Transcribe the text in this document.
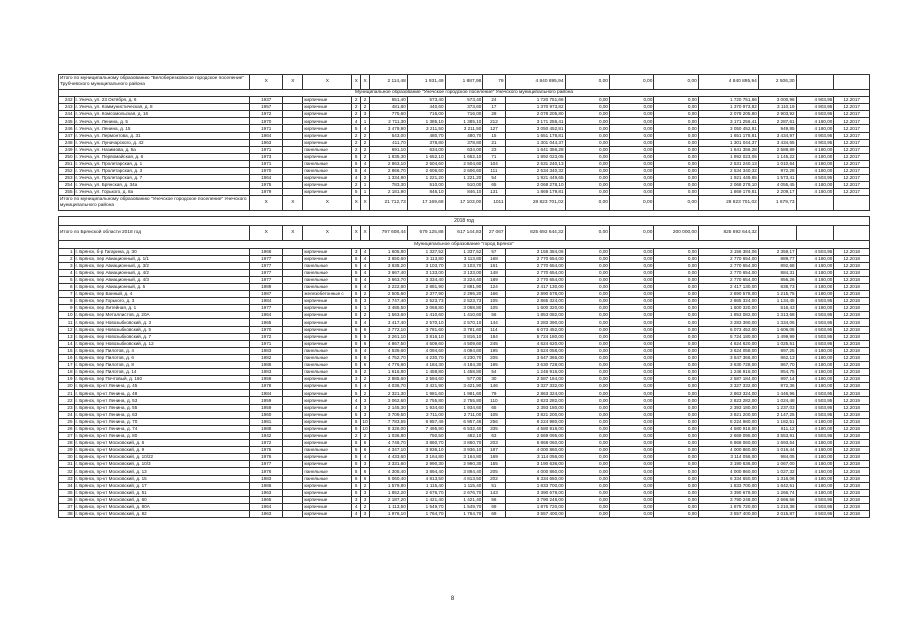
Итого по муниципальному образованию "Белоберезковское городское поселение" Трубчевского муниципального района		X	X	X	X	X	2 114,48	1 931,49	1 887,98	79	4 840 895,94	0,00	0,00	0,00	4 840 895,94	2 506,30		
Муниципальное образование "Унечское городское поселение" Унечского муниципального района																		
242	г. Унеча, ул. 23 Октября, д. 6	1937		кирпичные	2	2	651,40	573,40	573,40	24	1 720 751,66	0,00	0,00	0,00	1 720 751,66	3 000,96	4 903,95	12.2017
243	г. Унеча, ул. Коммунистическая, д. 8	1957		кирпичные	2	2	481,80	440,60	373,60	17	1 370 973,82	0,00	0,00	0,00	1 370 973,82	3 110,19	4 903,95	12.2017
244	г. Унеча, ул. Комсомольская, д. 16	1972		кирпичные	2	3	775,60	716,00	716,00	28	2 078 205,80	0,00	0,00	0,00	2 078 205,80	2 903,92	4 503,95	12.2017
245	г. Унеча, ул. Ленина, д. 5	1970		кирпичные	4	1	2 711,30	1 385,10	1 385,10	212	3 171 256,41	0,00	0,00	0,00	3 171 256,41	2 287,61	4 180,00	12.2017
246	г. Унеча, ул. Ленина, д. 15	1971		кирпичные	5	4	3 479,90	3 211,50	3 211,50	127	3 050 452,81	0,00	0,00	0,00	3 050 452,81	949,85	4 180,00	12.2017
247	г. Унеча, ул. Лермонтова, д. 31	1964		кирпичные	2	2	543,00	480,70	480,70	15	1 651 178,81	0,00	0,00	0,00	1 651 178,81	3 434,97	4 903,95	12.2017
248	г. Унеча, ул. Луначарского, д. 42	1963		кирпичные	2	2	411,70	378,80	378,80	21	1 301 044,37	0,00	0,00	0,00	1 301 044,37	3 434,65	4 903,95	12.2017
249	г. Унеча, ул. Назимова, д. 5а	1971		панельные	2	2	691,10	634,00	634,00	23	1 641 356,28	0,00	0,00	0,00	1 641 356,28	2 588,89	4 180,00	12.2017
250	г. Унеча, ул. Первомайская, д. 6	1973		кирпичные	5	2	1 835,30	1 652,10	1 652,10	71	1 892 023,05	0,00	0,00	0,00	1 892 023,05	1 145,22	4 180,00	12.2017
251	г. Унеча, ул. Пролетарская, д. 1	1971		панельные	5	4	2 863,10	2 504,60	2 504,60	104	2 531 240,13	0,00	0,00	0,00	2 531 240,13	1 010,64	4 180,00	12.2017
252	г. Унеча, ул. Пролетарская, д. 3	1970		панельные	5	4	2 866,70	2 606,60	2 606,60	111	2 534 340,32	0,00	0,00	0,00	2 534 340,32	972,28	4 180,00	12.2017
253	г. Унеча, ул. Пролетарская, д. 7	1964		кирпичные	4	2	1 334,90	1 221,20	1 221,20	54	1 921 449,65	0,00	0,00	0,00	1 921 449,65	1 573,41	4 503,95	12.2017
254	г. Унеча, ул. Брянская, д. 34а	1975		кирпичные	2	1	783,30	510,00	510,00	65	2 068 278,10	0,00	0,00	0,00	2 068 278,10	4 055,45	4 180,00	12.2017
255	г. Унеча, ул. Горького, д. 8а	1979		кирпичные	5	1	2 181,90	846,10	846,10	131	1 869 179,81	0,00	0,00	0,00	1 869 179,81	2 209,17	4 180,00	12.2017
Итого по муниципальному образованию "Унечское городское поселение" Унечского муниципального района		X	X	X	X	X	21 712,73	17 169,69	17 103,00	1011	28 823 701,02	0,00	0,00	0,00	28 823 701,02	1 679,73		

2018 год																		
Итого по Брянской области 2018 год		X	X	X	X	X	797 608,44	679 125,88	617 144,83	27 067	825 692 644,32	0,00	0,00	200 000,00	825 692 644,32			
Муниципальное образование "город Брянск"																		
1	г. Брянск, б-р Гагарина, д. 30	1966		кирпичные	3	4	1 605,80	1 337,52	1 337,52	57	3 156 384,06	0,00	0,00	0,00	3 156 384,06	2 359,17	4 503,95	12.2018
2	г. Брянск, пер Авиационный, д. 1/1	1977		кирпичные	5	4	3 650,60	3 113,80	3 113,80	168	2 770 654,00	0,00	0,00	0,00	2 770 654,00	889,77	4 180,00	12.2018
3	г. Брянск, пер Авиационный, д. 3/2	1977		панельные	5	4	3 638,20	3 103,70	3 103,70	161	2 770 654,00	0,00	0,00	0,00	2 770 654,00	892,68	4 180,00	12.2018
4	г. Брянск, пер Авиационный, д. 4/2	1977		панельные	5	4	3 667,40	3 133,00	3 133,00	148	2 770 654,00	0,00	0,00	0,00	2 770 654,00	884,31	4 180,00	12.2018
5	г. Брянск, пер Авиационный, д. 4/3	1977		панельные	5	4	3 663,70	3 334,40	3 224,40	189	2 770 654,00	0,00	0,00	0,00	2 770 654,00	856,26	4 180,00	12.2018
6	г. Брянск, пер Авиационный, д. 5	1989		панельные	5	4	3 222,60	2 881,90	2 881,90	124	2 417 130,00	0,00	0,00	0,00	2 417 130,00	838,73	4 180,00	12.2018
7	г. Брянск, пер Банный, д. 4	1987		железобетонные с	5	2	2 505,60	2 377,90	2 295,20	166	2 890 578,00	0,00	0,00	0,00	2 890 578,00	1 215,75	4 180,00	12.2018
8	г. Брянск, пер Горького, д. 3	1984		кирпичные	5	3	2 747,40	2 523,73	2 523,73	105	2 865 324,00	0,00	0,00	0,00	2 865 324,00	1 134,45	4 503,95	12.2018
9	г. Брянск, пер Литейная, д. 1	1977		кирпичные	5	1	3 485,50	3 068,80	3 068,80	105	1 600 320,00	0,00	0,00	0,00	1 600 320,00	516,43	4 180,00	12.2018
10	г. Брянск, пер Металлистов, д. 20А	1964		кирпичные	5	2	1 563,60	1 410,60	1 410,60	56	1 853 082,00	0,00	0,00	0,00	1 853 082,00	1 313,68	4 503,95	12.2018
11	г. Брянск, пер Новозыбковский, д. 3	1965		кирпичные	5	4	3 417,40	2 570,10	2 570,10	144	3 283 390,00	0,00	0,00	0,00	3 283 390,00	1 334,06	4 503,95	12.2018
12	г. Брянск, пер Новозыбковский, д. 5	1970		кирпичные	5	6	3 772,10	3 781,60	3 781,60	114	6 073 452,00	0,00	0,00	0,00	6 073 452,00	1 606,05	4 503,95	12.2018
13	г. Брянск, пер Новозыбковский, д. 7	1972		кирпичные	5	5	3 261,10	3 816,10	3 816,10	184	5 724 180,00	0,00	0,00	0,00	5 724 180,00	1 499,99	4 503,95	12.2018
14	г. Брянск, пер Новозыбковский, д. 12	1971		кирпичные	5	6	4 867,50	4 509,60	4 509,60	245	4 624 620,00	0,00	0,00	0,00	4 624 620,00	1 025,51	4 503,95	12.2018
15	г. Брянск, пер Пилотов, д. 4	1983		панельные	5	4	4 539,60	4 094,60	4 094,60	195	3 624 058,00	0,00	0,00	0,00	3 624 058,00	897,25	4 180,00	12.2018
16	г. Брянск, пер Пилотов, д. 6	1982		панельные	5	6	4 752,70	4 230,70	4 230,70	205	3 647 366,00	0,00	0,00	0,00	3 647 366,00	862,13	4 180,00	12.2018
17	г. Брянск, пер Пилотов, д. 8	1986		панельные	5	6	4 776,80	4 184,30	4 184,30	195	3 630 728,00	0,00	0,00	0,00	3 630 728,00	867,70	4 180,00	12.2018
18	г. Брянск, пер Пилотов, д. 14	1983		панельные	5	2	1 616,80	1 458,80	1 458,80	54	1 246 916,00	0,00	0,00	0,00	1 246 916,00	854,75	4 180,00	12.2018
19	г. Брянск, пер Почтовый, д. 160	1959		кирпичные	3	2	2 885,60	2 594,60	577,00	30	2 587 184,00	0,00	0,00	0,00	2 587 184,00	997,14	4 180,00	12.2018
20	г. Брянск, пр-кт Ленина, д. 45	1978		кирпичные	5	4	4 036,70	3 421,90	3 421,90	146	3 327 332,00	0,00	0,00	0,00	3 327 332,00	972,36	4 180,00	12.2018
21	г. Брянск, пр-кт Ленина, д. 48	1984		кирпичные	5	2	2 321,30	1 981,60	1 981,60	79	2 863 324,00	0,00	0,00	0,00	2 863 324,00	1 446,96	4 503,95	12.2018
22	г. Брянск, пр-кт Ленина, д. 53	1959		кирпичные	4	3	3 062,60	2 755,80	2 755,80	110	2 823 282,00	0,00	0,00	0,00	2 823 282,00	1 024,48	4 503,95	12.2019
23	г. Брянск, пр-кт Ленина, д. 55	1959		кирпичные	4	3	2 145,30	1 934,60	1 934,60	65	2 393 180,00	0,00	0,00	0,00	2 393 180,00	1 237,03	4 503,95	12.2018
24	г. Брянск, пр-кт Ленина, д. 63	1960		кирпичные	5	3	3 709,50	2 711,00	2 711,00	105	3 821 200,00	0,00	0,00	0,00	3 821 200,00	2 147,25	4 503,95	12.2018
25	г. Брянск, пр-кт Ленина, д. 70	1981		кирпичные	5	10	7 783,55	6 957,46	6 957,46	256	8 224 980,00	0,00	0,00	0,00	8 224 980,00	1 182,51	4 180,00	12.2018
26	г. Брянск, пр-кт Ленина, д. 74	1988		кирпичные	5	10	8 326,00	7 495,90	6 532,40	335	4 580 918,00	0,00	0,00	0,00	4 580 918,00	611,12	4 180,00	12.2018
27	г. Брянск, пр-кт Ленина, д. 80	1942		кирпичные	2	2	1 036,80	750,50	482,10	63	2 669 095,00	0,00	0,00	0,00	2 669 095,00	3 553,91	4 503,95	12.2018
28	г. Брянск, пр-кт Московский, д. 6	1972		кирпичные	5	6	4 746,70	3 860,70	3 860,70	203	6 868 060,00	0,00	0,00	0,00	6 868 060,00	1 693,54	4 180,00	12.2018
29	г. Брянск, пр-кт Московский, д. 9	1975		панельные	5	6	4 347,10	3 936,10	3 936,10	187	4 000 860,00	0,00	0,00	0,00	4 000 860,00	1 016,44	4 180,00	12.2018
30	г. Брянск, пр-кт Московский, д. 10/22	1976		кирпичные	5	4	4 433,60	3 164,80	3 164,80	169	3 114 056,00	0,00	0,00	0,00	3 114 056,00	984,05	4 180,00	12.2018
31	г. Брянск, пр-кт Московский, д. 10/3	1977		кирпичные	5	3	3 331,60	2 990,30	2 990,30	155	3 190 636,00	0,00	0,00	0,00	3 190 636,00	1 067,00	4 180,00	12.2018
32	г. Брянск, пр-кт Московский, д. 13	1976		панельные	5	6	4 305,40	3 894,40	3 894,40	205	4 000 860,00	0,00	0,00	0,00	4 000 860,00	1 027,32	4 180,00	12.2018
33	г. Брянск, пр-кт Московский, д. 15	1983		панельные	5	6	6 060,40	4 813,50	4 813,50	202	6 334 650,00	0,00	0,00	0,00	6 334 650,00	1 316,06	4 180,00	12.2018
34	г. Брянск, пр-кт Московский, д. 17	1986		кирпичные	5	2	1 579,80	1 115,40	1 115,40	51	1 833 700,00	0,00	0,00	0,00	1 833 700,00	1 642,51	4 180,00	12.2018
35	г. Брянск, пр-кт Московский, д. 51	1963		кирпичные	5	3	1 852,20	2 676,70	2 676,70	143	3 390 678,00	0,00	0,00	0,00	3 390 678,00	1 266,74	4 180,00	12.2018
36	г. Брянск, пр-кт Московский, д. 60	1965		кирпичные	3	3	2 187,20	1 421,40	1 421,40	56	3 790 248,00	0,00	0,00	0,00	3 790 248,00	2 666,56	4 503,95	12.2018
37	г. Брянск, пр-кт Московский, д. 80А	1964		кирпичные	4	2	1 113,50	1 549,70	1 549,70	69	1 875 720,00	0,00	0,00	0,00	1 875 720,00	1 210,38	4 503,95	12.2018
38	г. Брянск, пр-кт Московский, д. 82	1963		кирпичные	4	3	1 976,10	1 764,70	1 764,70	69	3 557 400,00	0,00	0,00	0,00	3 557 400,00	2 015,87	4 503,95	12.2018
8
